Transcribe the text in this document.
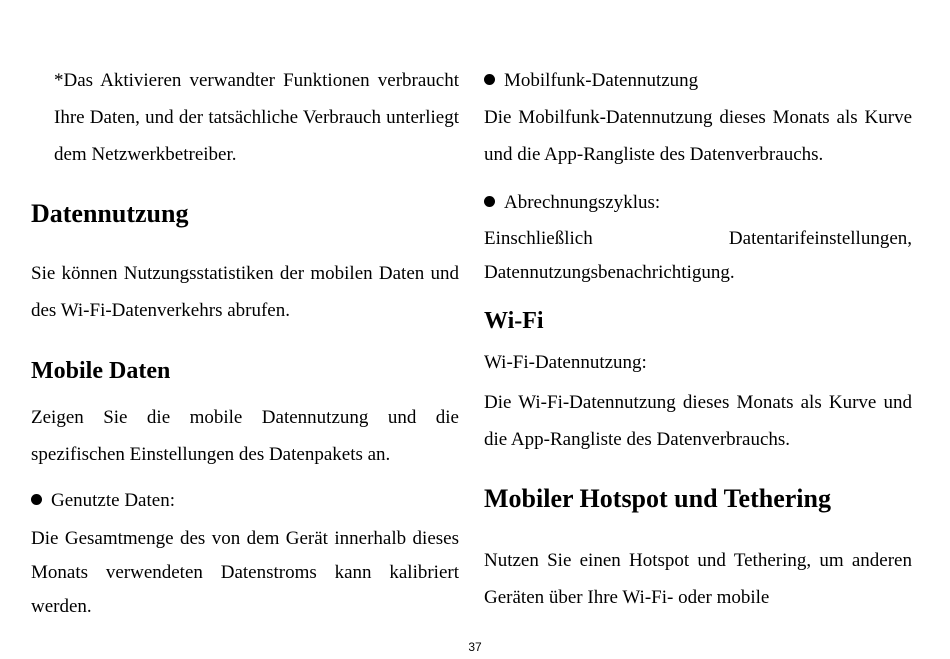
*Das Aktivieren verwandter Funktionen verbraucht Ihre Daten, und der tatsächliche Verbrauch unterliegt dem Netzwerkbetreiber.

Datennutzung

Sie können Nutzungsstatistiken der mobilen Daten und des Wi-Fi-Datenverkehrs abrufen.

Mobile Daten

Zeigen Sie die mobile Datennutzung und die spezifischen Einstellungen des Datenpakets an.

Genutzte Daten:

Die Gesamtmenge des von dem Gerät innerhalb dieses Monats verwendeten Datenstroms kann kalibriert werden.

Mobilfunk-Datennutzung

Die Mobilfunk-Datennutzung dieses Monats als Kurve und die App-Rangliste des Datenverbrauchs.

Abrechnungszyklus:

Einschließlich Datentarifeinstellungen, Datennutzungsbenachrichtigung.

Wi-Fi

Wi-Fi-Datennutzung:

Die Wi-Fi-Datennutzung dieses Monats als Kurve und die App-Rangliste des Datenverbrauchs.

Mobiler Hotspot und Tethering

Nutzen Sie einen Hotspot und Tethering, um anderen Geräten über Ihre Wi-Fi- oder mobile

37
